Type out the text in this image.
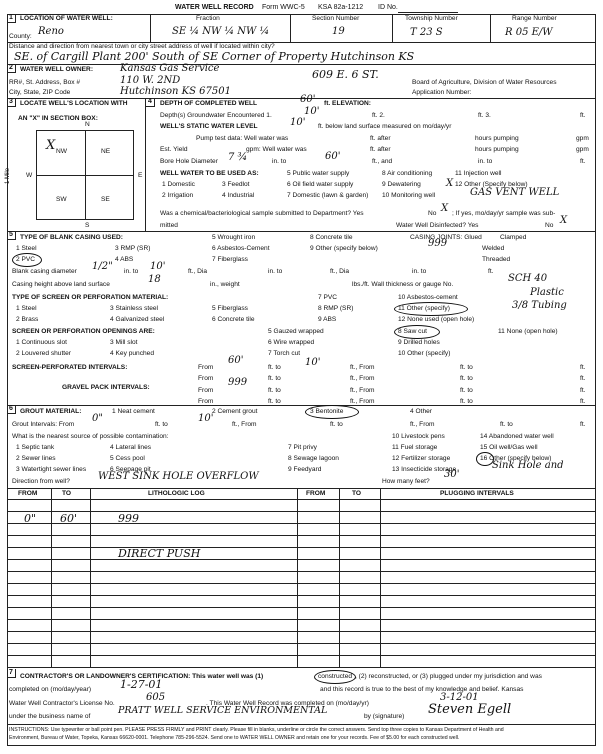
WATER WELL RECORD Form WWC-5 KSA 82a-1212 ID No.
1	LOCATION OF WATER WELL:
County: Reno
Fraction
SE ¼ NW ¼ NW ¼
Section Number
19
Township Number
T 23 S
Range Number
R 05 E/W
Distance and direction from nearest town or city street address of well if located within city?
SE. of Cargill Plant 200' South of SE Corner of Property Hutchinson KS
2	WATER WELL OWNER:	Kansas Gas Service
RR#, St. Address, Box #	110 W. 2ND	609 E. 6 ST.
City, State, ZIP Code	Hutchinson KS 67501
Board of Agriculture, Division of Water Resources
Application Number:
3	LOCATE WELL'S LOCATION WITH
AN "X" IN SECTION BOX:
N
S
W	E
1 Mile
NW	NE
SW	SE
X
4	DEPTH OF COMPLETED WELL	60' ft. ELEVATION:
Depth(s) Groundwater Encountered 1.	10'	ft. 2.	ft. 3.	ft.
WELL'S STATIC WATER LEVEL	10' ft. below land surface measured on mo/day/yr
Pump test data: Well water was	ft. after	hours pumping	gpm
Est. Yield	gpm: Well water was	ft. after	hours pumping	gpm
Bore Hole Diameter 7 ¾	in. to	60'	ft., and	in. to	ft.
WELL WATER TO BE USED AS:	5 Public water supply	8 Air conditioning	11 Injection well
1 Domestic	3 Feedlot	6 Oil field water supply	9 Dewatering	12 Other (Specify below)
2 Irrigation	4 Industrial	7 Domestic (lawn & garden) 10 Monitoring well	GAS VENT WELL
X
Was a chemical/bacteriological sample submitted to Department? Yes	No X ; If yes, mo/day/yr sample was sub-
mitted	Water Well Disinfected? Yes	No X
5	TYPE OF BLANK CASING USED:	5 Wrought iron	8 Concrete tile	CASING JOINTS: Glued	Clamped
1 Steel	3 RMP (SR)	6 Asbestos-Cement	9 Other (specify below)	999	Welded
2 PVC	4 ABS	7 Fiberglass	Threaded
Blank casing diameter 1/2" in. to 10'	ft., Dia	in. to	ft., Dia	in. to	ft.
Casing height above land surface	18	in., weight	lbs./ft. Wall thickness or gauge No.
SCH 40
TYPE OF SCREEN OR PERFORATION MATERIAL:	7 PVC	10 Asbestos-cement	Plastic
1 Steel	3 Stainless steel	5 Fiberglass	8 RMP (SR)	11 Other (specify)	3/8 Tubing
2 Brass	4 Galvanized steel	6 Concrete tile	9 ABS	12 None used (open hole)
SCREEN OR PERFORATION OPENINGS ARE:	5 Gauzed wrapped	8 Saw cut	11 None (open hole)
1 Continuous slot	3 Mill slot	6 Wire wrapped	9 Drilled holes
2 Louvered shutter	4 Key punched	7 Torch cut	10 Other (specify)
SCREEN-PERFORATED INTERVALS:	From
60'
ft. to 10'	ft., From	ft. to	ft.
From	ft. to	ft., From	ft. to	ft.
GRAVEL PACK INTERVALS:	From
999
ft. to	ft., From	ft. to	ft.
From	ft. to	ft., From	ft. to	ft.
6	GROUT MATERIAL:	1 Neat cement	2 Cement grout	3 Bentonite	4 Other
Grout Intervals: From
0"
ft. to
10'
ft., From	ft. to	ft., From	ft. to	ft.
What is the nearest source of possible contamination:	10 Livestock pens	14 Abandoned water well
1 Septic tank	4 Lateral lines	7 Pit privy	11 Fuel storage	15 Oil well/Gas well
2 Sewer lines	5 Cess pool	8 Sewage lagoon	12 Fertilizer storage	16 Other (specify below)
3 Watertight sewer lines	6 Seepage pit	9 Feedyard	13 Insecticide storage	Sink Hole and
Direction from well?	WEST SINK HOLE OVERFLOW	How many feet?
30'
FROM	TO	LITHOLOGIC LOG	FROM	TO	PLUGGING INTERVALS
0" 60'	999
DIRECT PUSH
7
CONTRACTOR'S OR LANDOWNER'S CERTIFICATION: This water well was (1)	constructed , (2) reconstructed, or (3) plugged under my jurisdiction and was
completed on (mo/day/year)	1-27-01	and this record is true to the best of my knowledge and belief. Kansas
Water Well Contractor's License No.
605
. This Water Well Record was completed on (mo/day/yr)
3-12-01
under the business name of
PRATT WELL SERVICE ENVIRONMENTAL
by (signature) Steven Egell
INSTRUCTIONS: Use typewriter or ball point pen. PLEASE PRESS FIRMLY and PRINT clearly. Please fill in blanks, underline or circle the correct answers. Send top three copies to Kansas Department of Health and
Environment, Bureau of Water, Topeka, Kansas 66620-0001. Telephone 785-296-5524. Send one to WATER WELL OWNER and retain one for your records. Fee of $5.00 for each constructed well.
